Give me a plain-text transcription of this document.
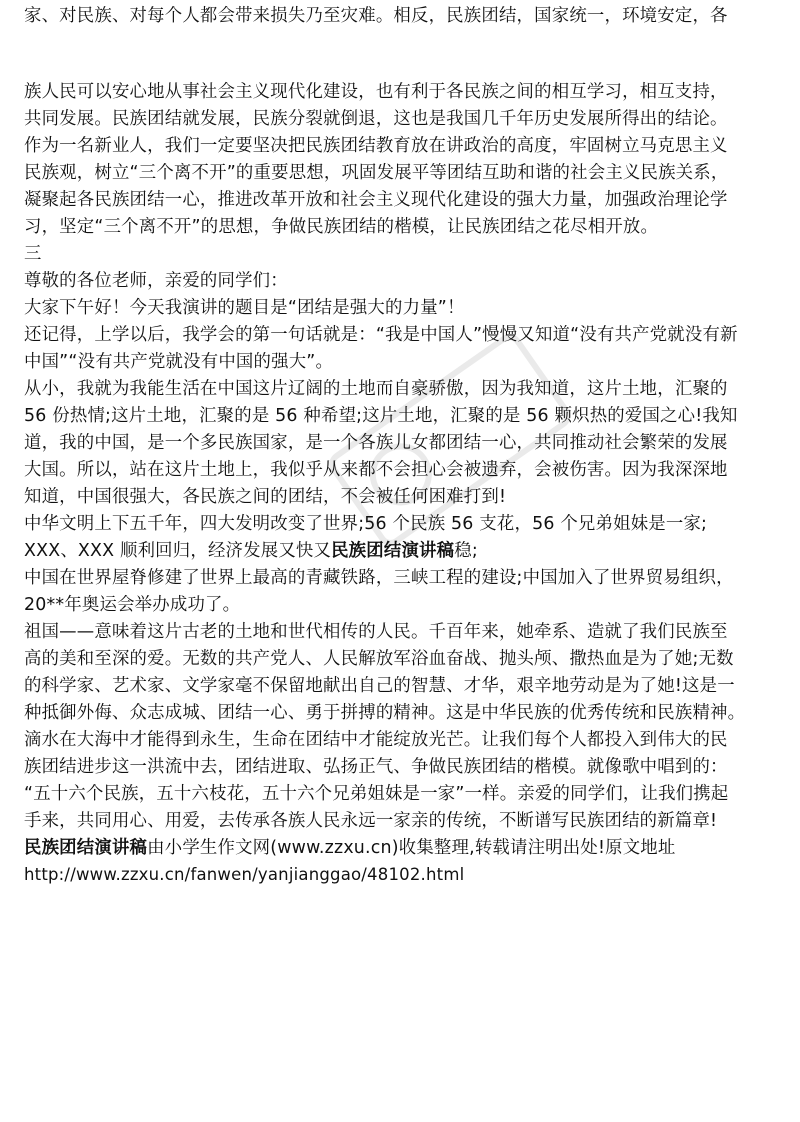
家、对民族、对每个人都会带来损失乃至灾难。相反，民族团结，国家统一，环境安定，各
族人民可以安心地从事社会主义现代化建设，也有利于各民族之间的相互学习，相互支持，
共同发展。民族团结就发展，民族分裂就倒退，这也是我国几千年历史发展所得出的结论。
作为一名新业人，我们一定要坚决把民族团结教育放在讲政治的高度，牢固树立马克思主义
民族观，树立“三个离不开”的重要思想，巩固发展平等团结互助和谐的社会主义民族关系，
凝聚起各民族团结一心，推进改革开放和社会主义现代化建设的强大力量，加强政治理论学
习，坚定“三个离不开”的思想，争做民族团结的楷模，让民族团结之花尽相开放。
三
尊敬的各位老师，亲爱的同学们：
大家下午好！今天我演讲的题目是“团结是强大的力量”！
还记得，上学以后，我学会的第一句话就是：“我是中国人”慢慢又知道“没有共产党就没有新
中国”“没有共产党就没有中国的强大”。
从小，我就为我能生活在中国这片辽阔的土地而自豪骄傲，因为我知道，这片土地，汇聚的
56 份热情;这片土地，汇聚的是 56 种希望;这片土地，汇聚的是 56 颗炽热的爱国之心!我知
道，我的中国，是一个多民族国家，是一个各族儿女都团结一心，共同推动社会繁荣的发展
大国。所以，站在这片土地上，我似乎从来都不会担心会被遗弃，会被伤害。因为我深深地
知道，中国很强大，各民族之间的团结，不会被任何困难打到!
中华文明上下五千年，四大发明改变了世界;56 个民族 56 支花，56 个兄弟姐妹是一家;
XXX、XXX 顺利回归，经济发展又快又民族团结演讲稿稳;
中国在世界屋脊修建了世界上最高的青藏铁路，三峡工程的建设;中国加入了世界贸易组织，
20**年奥运会举办成功了。
祖国——意味着这片古老的土地和世代相传的人民。千百年来，她牵系、造就了我们民族至
高的美和至深的爱。无数的共产党人、人民解放军浴血奋战、抛头颅、撒热血是为了她;无数
的科学家、艺术家、文学家毫不保留地献出自己的智慧、才华，艰辛地劳动是为了她!这是一
种抵御外侮、众志成城、团结一心、勇于拼搏的精神。这是中华民族的优秀传统和民族精神。
滴水在大海中才能得到永生，生命在团结中才能绽放光芒。让我们每个人都投入到伟大的民
族团结进步这一洪流中去，团结进取、弘扬正气、争做民族团结的楷模。就像歌中唱到的：
“五十六个民族，五十六枝花，五十六个兄弟姐妹是一家”一样。亲爱的同学们，让我们携起
手来，共同用心、用爱，去传承各族人民永远一家亲的传统，不断谱写民族团结的新篇章!
民族团结演讲稿由小学生作文网(www.zzxu.cn)收集整理,转载请注明出处!原文地址
http://www.zzxu.cn/fanwen/yanjianggao/48102.html
